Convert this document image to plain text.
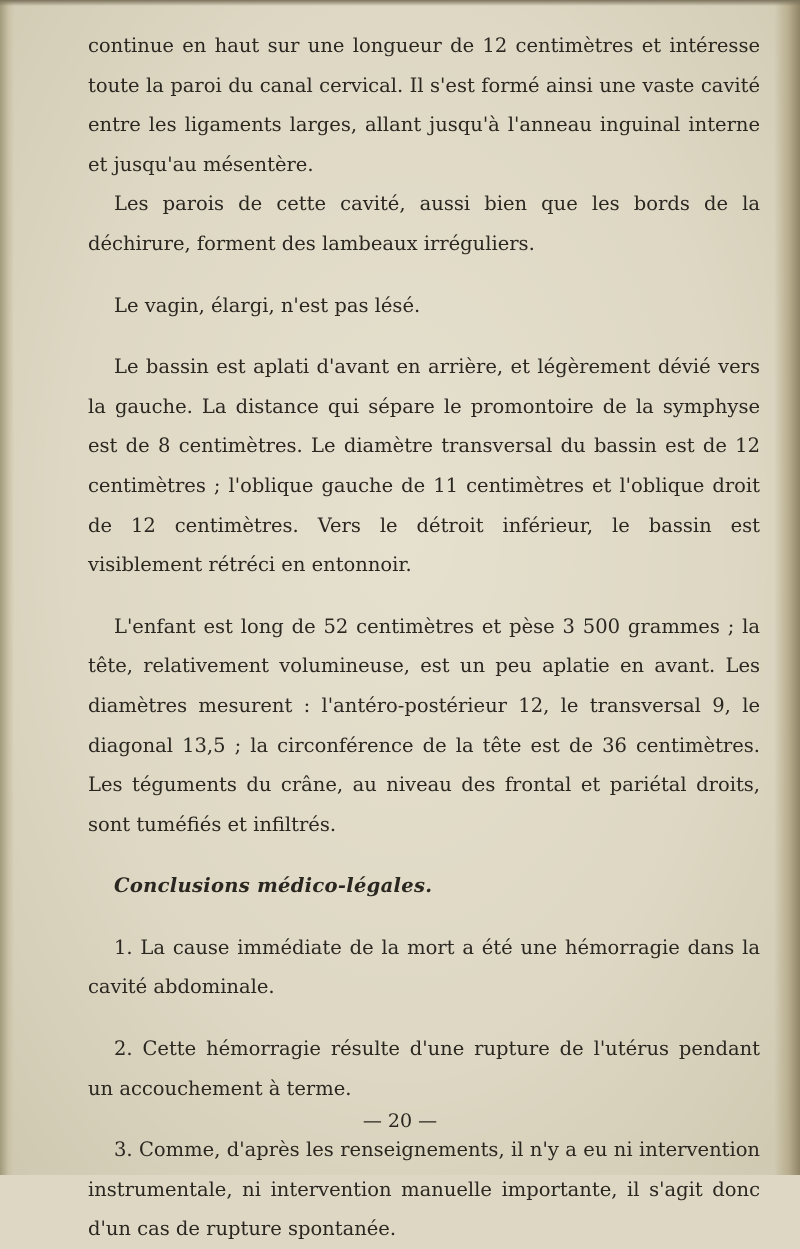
continue en haut sur une longueur de 12 centimètres et intéresse toute la paroi du canal cervical. Il s'est formé ainsi une vaste cavité entre les ligaments larges, allant jusqu'à l'anneau inguinal interne et jusqu'au mésentère.

Les parois de cette cavité, aussi bien que les bords de la déchirure, forment des lambeaux irréguliers.

Le vagin, élargi, n'est pas lésé.

Le bassin est aplati d'avant en arrière, et légèrement dévié vers la gauche. La distance qui sépare le promontoire de la symphyse est de 8 centimètres. Le diamètre transversal du bassin est de 12 centimètres ; l'oblique gauche de 11 centimètres et l'oblique droit de 12 centimètres. Vers le détroit inférieur, le bassin est visiblement rétréci en entonnoir.

L'enfant est long de 52 centimètres et pèse 3 500 grammes ; la tête, relativement volumineuse, est un peu aplatie en avant. Les diamètres mesurent : l'antéro-postérieur 12, le transversal 9, le diagonal 13,5 ; la circonférence de la tête est de 36 centimètres. Les téguments du crâne, au niveau des frontal et pariétal droits, sont tuméfiés et infiltrés.

Conclusions médico-légales.

1. La cause immédiate de la mort a été une hémorragie dans la cavité abdominale.

2. Cette hémorragie résulte d'une rupture de l'utérus pendant un accouchement à terme.

3. Comme, d'après les renseignements, il n'y a eu ni intervention instrumentale, ni intervention manuelle importante, il s'agit donc d'un cas de rupture spontanée.

— 20 —
